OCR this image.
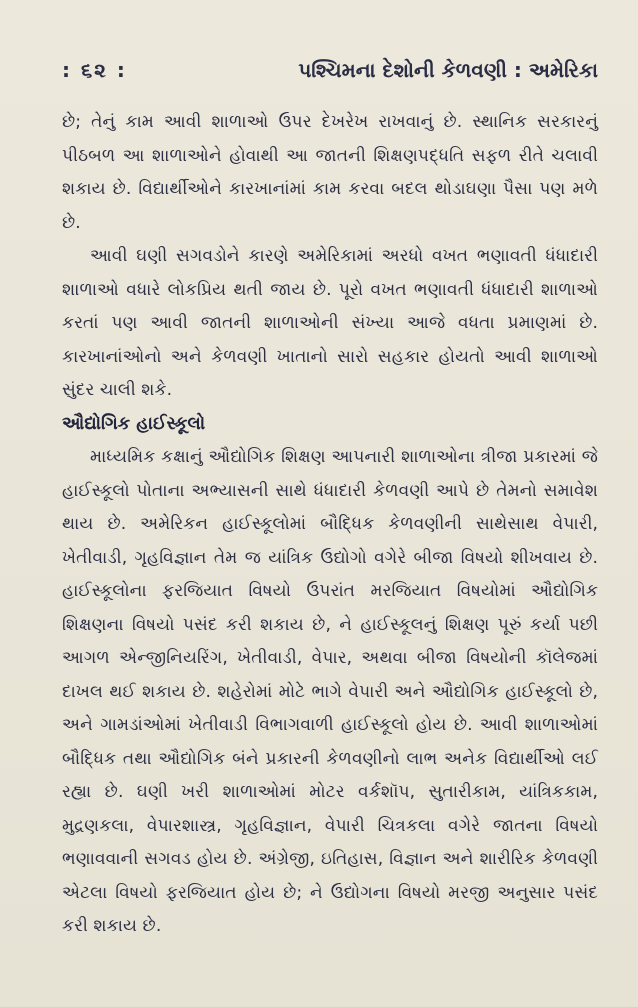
: ૬૨ :	પશ્ચિમના દેશોની કેળવણી : અમેરિકા

છે; તેનું કામ આવી શાળાઓ ઉપર દેખરેખ રાખવાનું છે. સ્થાનિક સરકારનું પીઠબળ આ શાળાઓને હોવાથી આ જાતની શિક્ષણપદ્ધતિ સફળ રીતે ચલાવી શકાય છે. વિદ્યાર્થીઓને કારખાનાંમાં કામ કરવા બદલ થોડાઘણા પૈસા પણ મળે છે.

આવી ઘણી સગવડોને કારણે અમેરિકામાં અરધો વખત ભણાવતી ધંધાદારી શાળાઓ વધારે લોકપ્રિય થતી જાય છે. પૂરો વખત ભણાવતી ધંધાદારી શાળાઓ કરતાં પણ આવી જાતની શાળાઓની સંખ્યા આજે વધતા પ્રમાણમાં છે. કારખાનાંઓનો અને કેળવણી ખાતાનો સારો સહકાર હોયતો આવી શાળાઓ સુંદર ચાલી શકે.

ઔદ્યોગિક હાઈસ્કૂલો

માધ્યમિક કક્ષાનું ઔદ્યોગિક શિક્ષણ આપનારી શાળાઓના ત્રીજા પ્રકારમાં જે હાઈસ્કૂલો પોતાના અભ્યાસની સાથે ધંધાદારી કેળવણી આપે છે તેમનો સમાવેશ થાય છે. અમેરિકન હાઈસ્કૂલોમાં બૌદ્ધિક કેળવણીની સાથેસાથ વેપારી, ખેતીવાડી, ગૃહવિજ્ઞાન તેમ જ યાંત્રિક ઉદ્યોગો વગેરે બીજા વિષયો શીખવાય છે. હાઈસ્કૂલોના ફરજિયાત વિષયો ઉપરાંત મરજિયાત વિષયોમાં ઔદ્યોગિક શિક્ષણના વિષયો પસંદ કરી શકાય છે, ને હાઈસ્કૂલનું શિક્ષણ પૂરું કર્યા પછી આગળ એન્જીનિયરિંગ, ખેતીવાડી, વેપાર, અથવા બીજા વિષયોની કૉલેજમાં દાખલ થઈ શકાય છે. શહેરોમાં મોટે ભાગે વેપારી અને ઔદ્યોગિક હાઈસ્કૂલો છે, અને ગામડાંઓમાં ખેતીવાડી વિભાગવાળી હાઈસ્કૂલો હોય છે. આવી શાળાઓમાં બૌદ્ધિક તથા ઔદ્યોગિક બંને પ્રકારની કેળવણીનો લાભ અનેક વિદ્યાર્થીઓ લઈ રહ્યા છે. ઘણી ખરી શાળાઓમાં મોટર વર્કશૉપ, સુતારીકામ, યાંત્રિકકામ, મુદ્રણકલા, વેપારશાસ્ત્ર, ગૃહવિજ્ઞાન, વેપારી ચિત્રકલા વગેરે જાતના વિષયો ભણાવવાની સગવડ હોય છે. અંગ્રેજી, ઇતિહાસ, વિજ્ઞાન અને શારીરિક કેળવણી એટલા વિષયો ફરજિયાત હોય છે; ને ઉદ્યોગના વિષયો મરજી અનુસાર પસંદ કરી શકાય છે.
